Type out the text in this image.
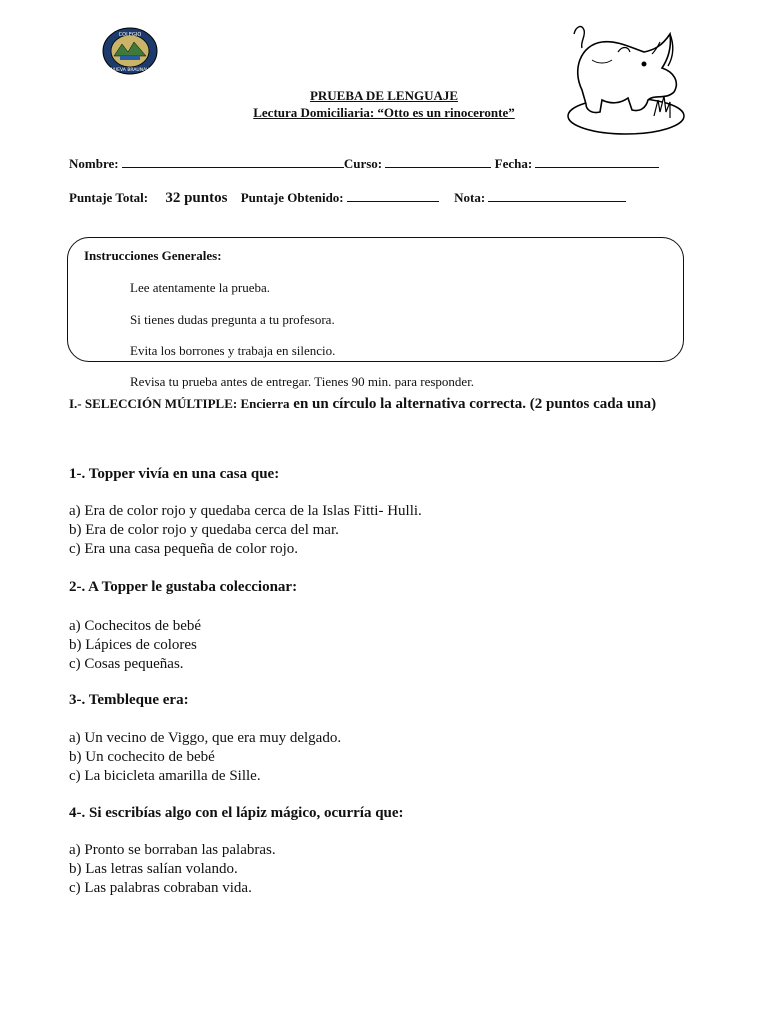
COLEGIO
NUEVA BRAUNAU
PRUEBA DE LENGUAJE
Lectura Domiciliaria: “Otto es un rinoceronte”
Nombre:	Curso:	Fecha:
Puntaje Total: 32 puntos Puntaje Obtenido:	Nota:
Instrucciones Generales:
Lee atentamente la prueba.
Si tienes dudas pregunta a tu profesora.
Evita los borrones y trabaja en silencio.
Revisa tu prueba antes de entregar. Tienes 90 min. para responder.
I.- SELECCIÓN MÚLTIPLE: Encierra en un círculo la alternativa correcta. (2 puntos cada una)
1-. Topper vivía en una casa que:
a) Era de color rojo y quedaba cerca de la Islas Fitti- Hulli.
b) Era de color rojo y quedaba cerca del mar.
c) Era una casa pequeña de color rojo.
2-. A Topper le gustaba coleccionar:
a) Cochecitos de bebé
b) Lápices de colores
c) Cosas pequeñas.
3-. Tembleque era:
a) Un vecino de Viggo, que era muy delgado.
b) Un cochecito de bebé
c) La bicicleta amarilla de Sille.
4-. Si escribías algo con el lápiz mágico, ocurría que:
a) Pronto se borraban las palabras.
b) Las letras salían volando.
c) Las palabras cobraban vida.
